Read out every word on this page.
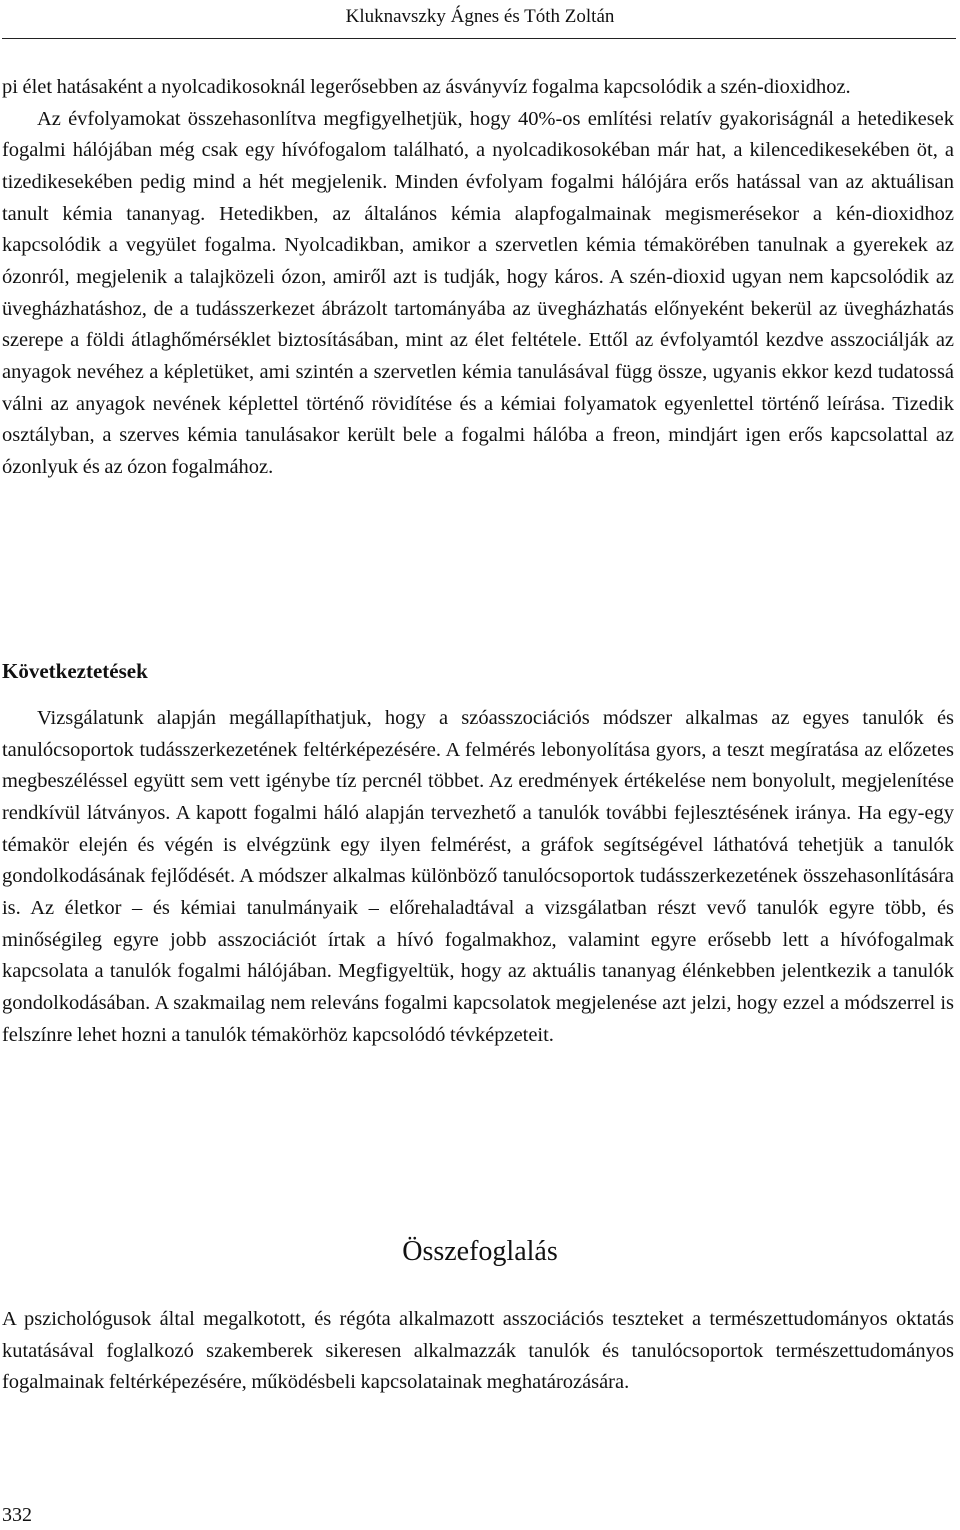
Kluknavszky Ágnes és Tóth Zoltán
pi élet hatásaként a nyolcadikosoknál legerősebben az ásványvíz fogalma kapcsolódik a szén-dioxidhoz.
Az évfolyamokat összehasonlítva megfigyelhetjük, hogy 40%-os említési relatív gyakoriságnál a hetedikesek fogalmi hálójában még csak egy hívófogalom található, a nyolcadikosokéban már hat, a kilencedikesekében öt, a tizedikesekében pedig mind a hét megjelenik. Minden évfolyam fogalmi hálójára erős hatással van az aktuálisan tanult kémia tananyag. Hetedikben, az általános kémia alapfogalmainak megismerésekor a kén-dioxidhoz kapcsolódik a vegyület fogalma. Nyolcadikban, amikor a szervetlen kémia témakörében tanulnak a gyerekek az ózonról, megjelenik a talajközeli ózon, amiről azt is tudják, hogy káros. A szén-dioxid ugyan nem kapcsolódik az üvegházhatáshoz, de a tudásszerkezet ábrázolt tartományába az üvegházhatás előnyeként bekerül az üvegházhatás szerepe a földi átlaghőmérséklet biztosításában, mint az élet feltétele. Ettől az évfolyamtól kezdve asszociálják az anyagok nevéhez a képletüket, ami szintén a szervetlen kémia tanulásával függ össze, ugyanis ekkor kezd tudatossá válni az anyagok nevének képlettel történő rövidítése és a kémiai folyamatok egyenlettel történő leírása. Tizedik osztályban, a szerves kémia tanulásakor került bele a fogalmi hálóba a freon, mindjárt igen erős kapcsolattal az ózonlyuk és az ózon fogalmához.
Következtetések

Vizsgálatunk alapján megállapíthatjuk, hogy a szóasszociációs módszer alkalmas az egyes tanulók és tanulócsoportok tudásszerkezetének feltérképezésére. A felmérés lebonyolítása gyors, a teszt megíratása az előzetes megbeszéléssel együtt sem vett igénybe tíz percnél többet. Az eredmények értékelése nem bonyolult, megjelenítése rendkívül látványos. A kapott fogalmi háló alapján tervezhető a tanulók további fejlesztésének iránya. Ha egy-egy témakör elején és végén is elvégzünk egy ilyen felmérést, a gráfok segítségével láthatóvá tehetjük a tanulók gondolkodásának fejlődését. A módszer alkalmas különböző tanulócsoportok tudásszerkezetének összehasonlítására is. Az életkor – és kémiai tanulmányaik – előrehaladtával a vizsgálatban részt vevő tanulók egyre több, és minőségileg egyre jobb asszociációt írtak a hívó fogalmakhoz, valamint egyre erősebb lett a hívófogalmak kapcsolata a tanulók fogalmi hálójában. Megfigyeltük, hogy az aktuális tananyag élénkebben jelentkezik a tanulók gondolkodásában. A szakmailag nem releváns fogalmi kapcsolatok megjelenése azt jelzi, hogy ezzel a módszerrel is felszínre lehet hozni a tanulók témakörhöz kapcsolódó tévképzeteit.

Összefoglalás

A pszichológusok által megalkotott, és régóta alkalmazott asszociációs teszteket a természettudományos oktatás kutatásával foglalkozó szakemberek sikeresen alkalmazzák tanulók és tanulócsoportok természettudományos fogalmainak feltérképezésére, működésbeli kapcsolatainak meghatározására.

332
